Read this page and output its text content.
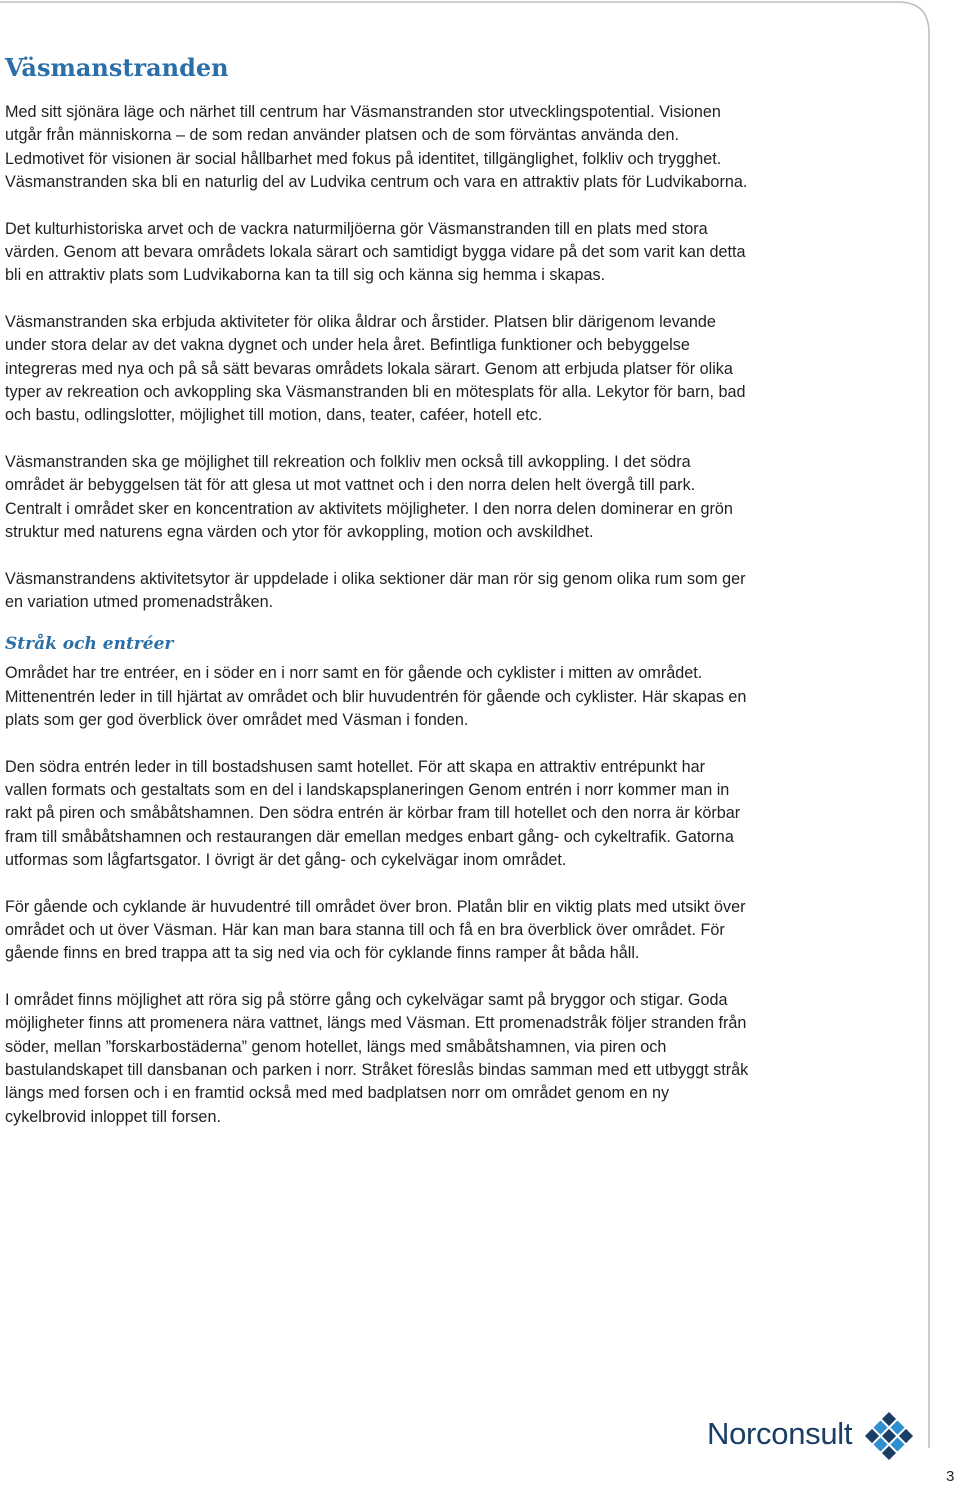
Väsmanstranden

Med sitt sjönära läge och närhet till centrum har Väsmanstranden stor utvecklingspotential. Visionen utgår från människorna – de som redan använder platsen och de som förväntas använda den. Ledmotivet för visionen är social hållbarhet med fokus på identitet, tillgänglighet, folkliv och trygghet. Väsmanstranden ska bli en naturlig del av Ludvika centrum och vara en attraktiv plats för Ludvikaborna.

Det kulturhistoriska arvet och de vackra naturmiljöerna gör Väsmanstranden till en plats med stora värden. Genom att bevara områdets lokala särart och samtidigt bygga vidare på det som varit kan detta bli en attraktiv plats som Ludvikaborna kan ta till sig och känna sig hemma i skapas.

Väsmanstranden ska erbjuda aktiviteter för olika åldrar och årstider. Platsen blir därigenom levande under stora delar av det vakna dygnet och under hela året. Befintliga funktioner och bebyggelse integreras med nya och på så sätt bevaras områdets lokala särart. Genom att erbjuda platser för olika typer av rekreation och avkoppling ska Väsmanstranden bli en mötesplats för alla. Lekytor för barn, bad och bastu, odlingslotter, möjlighet till motion, dans, teater, caféer, hotell etc.

Väsmanstranden ska ge möjlighet till rekreation och folkliv men också till avkoppling. I det södra området är bebyggelsen tät för att glesa ut mot vattnet och i den norra delen helt övergå till park. Centralt i området sker en koncentration av aktivitets möjligheter. I den norra delen dominerar en grön struktur med naturens egna värden och ytor för avkoppling, motion och avskildhet.

Väsmanstrandens aktivitetsytor är uppdelade i olika sektioner där man rör sig genom olika rum som ger en variation utmed promenadstråken.

Stråk och entréer

Området har tre entréer, en i söder en i norr samt en för gående och cyklister i mitten av området. Mittenentrén leder in till hjärtat av området och blir huvudentrén för gående och cyklister. Här skapas en plats som ger god överblick över området med Väsman i fonden.

Den södra entrén leder in till bostadshusen samt hotellet. För att skapa en attraktiv entrépunkt har vallen formats och gestaltats som en del i landskapsplaneringen Genom entrén i norr kommer man in rakt på piren och småbåtshamnen. Den södra entrén är körbar fram till hotellet och den norra är körbar fram till småbåtshamnen och restaurangen där emellan medges enbart gång- och cykeltrafik. Gatorna utformas som lågfartsgator. I övrigt är det gång- och cykelvägar inom området.

För gående och cyklande är huvudentré till området över bron. Platån blir en viktig plats med utsikt över området och ut över Väsman. Här kan man bara stanna till och få en bra överblick över området. För gående finns en bred trappa att ta sig ned via och för cyklande finns ramper åt båda håll.

I området finns möjlighet att röra sig på större gång och cykelvägar samt på bryggor och stigar. Goda möjligheter finns att promenera nära vattnet, längs med Väsman. Ett promenadstråk följer stranden från söder, mellan ”forskarbostäderna” genom hotellet, längs med småbåtshamnen, via piren och bastulandskapet till dansbanan och parken i norr. Stråket föreslås bindas samman med ett utbyggt stråk längs med forsen och i en framtid också med med badplatsen norr om området genom en ny cykelbrovid inloppet till forsen.

Norconsult
3
